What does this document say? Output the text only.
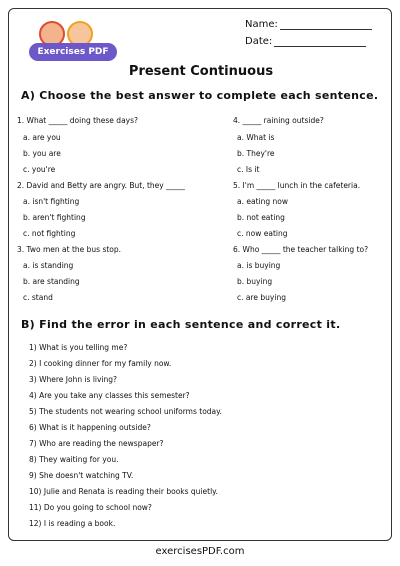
Exercises PDF
Name:
Date:
Present Continuous
A) Choose the best answer to complete each sentence.
1. What _____ doing these days?
a. are you
b. you are
c. you're
2. David and Betty are angry. But, they _____
a. isn't fighting
b. aren't fighting
c. not fighting
3. Two men at the bus stop.
a. is standing
b. are standing
c. stand
4. _____ raining outside?
a. What is
b. They're
c. Is it
5. I'm _____ lunch in the cafeteria.
a. eating now
b. not eating
c. now eating
6. Who _____ the teacher talking to?
a. is buying
b. buying
c. are buying
B) Find the error in each sentence and correct it.
1) What is you telling me?
2) I cooking dinner for my family now.
3) Where John is living?
4) Are you take any classes this semester?
5) The students not wearing school uniforms today.
6) What is it happening outside?
7) Who are reading the newspaper?
8) They waiting for you.
9) She doesn't watching TV.
10) Julie and Renata is reading their books quietly.
11) Do you going to school now?
12) I is reading a book.
exercisesPDF.com
